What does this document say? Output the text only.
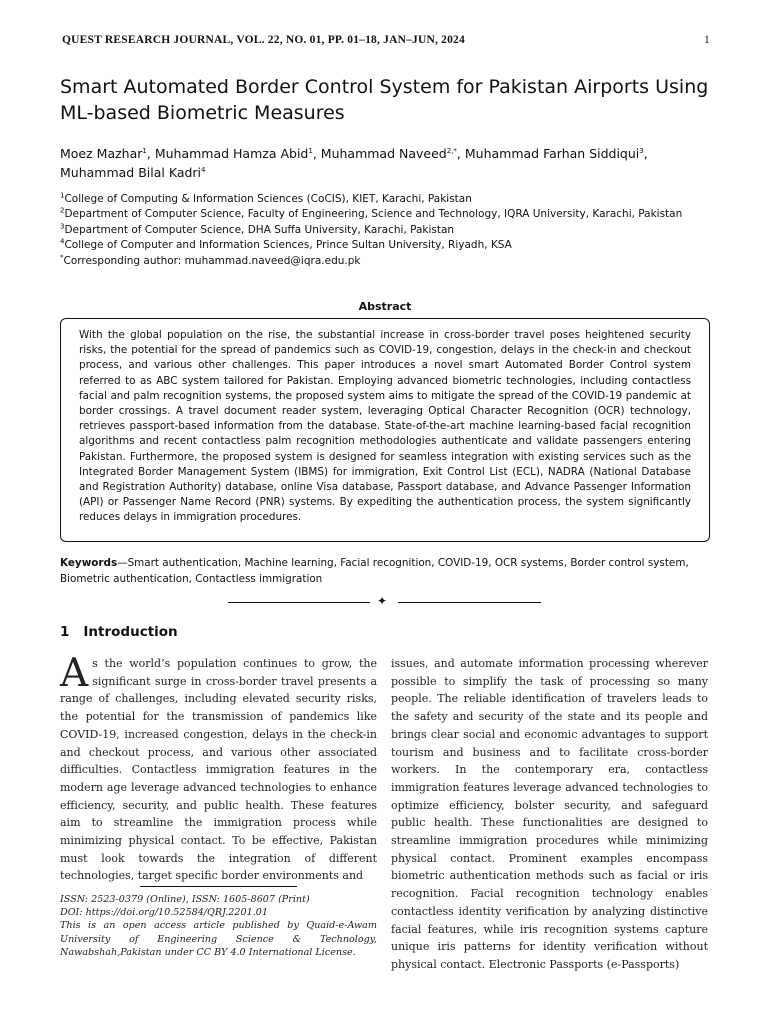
QUEST RESEARCH JOURNAL, VOL. 22, NO. 01, PP. 01–18, JAN–JUN, 2024	1
Smart Automated Border Control System for Pakistan Airports Using ML-based Biometric Measures
Moez Mazhar$^1$, Muhammad Hamza Abid$^1$, Muhammad Naveed$^{2,*}$, Muhammad Farhan Siddiqui$^3$,
Muhammad Bilal Kadri$^4$
$^1$College of Computing & Information Sciences (CoCIS), KIET, Karachi, Pakistan
$^2$Department of Computer Science, Faculty of Engineering, Science and Technology, IQRA University, Karachi, Pakistan
$^3$Department of Computer Science, DHA Suffa University, Karachi, Pakistan
$^4$College of Computer and Information Sciences, Prince Sultan University, Riyadh, KSA
*Corresponding author: muhammad.naveed@iqra.edu.pk
Abstract
With the global population on the rise, the substantial increase in cross-border travel poses heightened security risks, the potential for the spread of pandemics such as COVID-19, congestion, delays in the check-in and checkout process, and various other challenges. This paper introduces a novel smart Automated Border Control system referred to as ABC system tailored for Pakistan. Employing advanced biometric technologies, including contactless facial and palm recognition systems, the proposed system aims to mitigate the spread of the COVID-19 pandemic at border crossings. A travel document reader system, leveraging Optical Character Recognition (OCR) technology, retrieves passport-based information from the database. State-of-the-art machine learning-based facial recognition algorithms and recent contactless palm recognition methodologies authenticate and validate passengers entering Pakistan. Furthermore, the proposed system is designed for seamless integration with existing services such as the Integrated Border Management System (IBMS) for immigration, Exit Control List (ECL), NADRA (National Database and Registration Authority) database, online Visa database, Passport database, and Advance Passenger Information (API) or Passenger Name Record (PNR) systems. By expediting the authentication process, the system significantly reduces delays in immigration procedures.
Keywords—Smart authentication, Machine learning, Facial recognition, COVID-19, OCR systems, Border control system, Biometric authentication, Contactless immigration
✦
1 Introduction
As the world’s population continues to grow, the significant surge in cross-border travel presents a range of challenges, including elevated security risks, the potential for the transmission of pandemics like COVID-19, increased congestion, delays in the check-in and checkout process, and various other associated difficulties. Contactless immigration features in the modern age leverage advanced technologies to enhance efficiency, security, and public health. These features aim to streamline the immigration process while minimizing physical contact. To be effective, Pakistan must look towards the integration of different technologies, target specific border environments and
issues, and automate information processing wherever possible to simplify the task of processing so many people. The reliable identification of travelers leads to the safety and security of the state and its people and brings clear social and economic advantages to support tourism and business and to facilitate cross-border workers. In the contemporary era, contactless immigration features leverage advanced technologies to optimize efficiency, bolster security, and safeguard public health. These functionalities are designed to streamline immigration procedures while minimizing physical contact. Prominent examples encompass biometric authentication methods such as facial or iris recognition. Facial recognition technology enables contactless identity verification by analyzing distinctive facial features, while iris recognition systems capture unique iris patterns for identity verification without physical contact. Electronic Passports (e-Passports)
ISSN: 2523-0379 (Online), ISSN: 1605-8607 (Print)
DOI: https://doi.org/10.52584/QRJ.2201.01
This is an open access article published by Quaid-e-Awam University of Engineering Science & Technology, Nawabshah,Pakistan under CC BY 4.0 International License.
